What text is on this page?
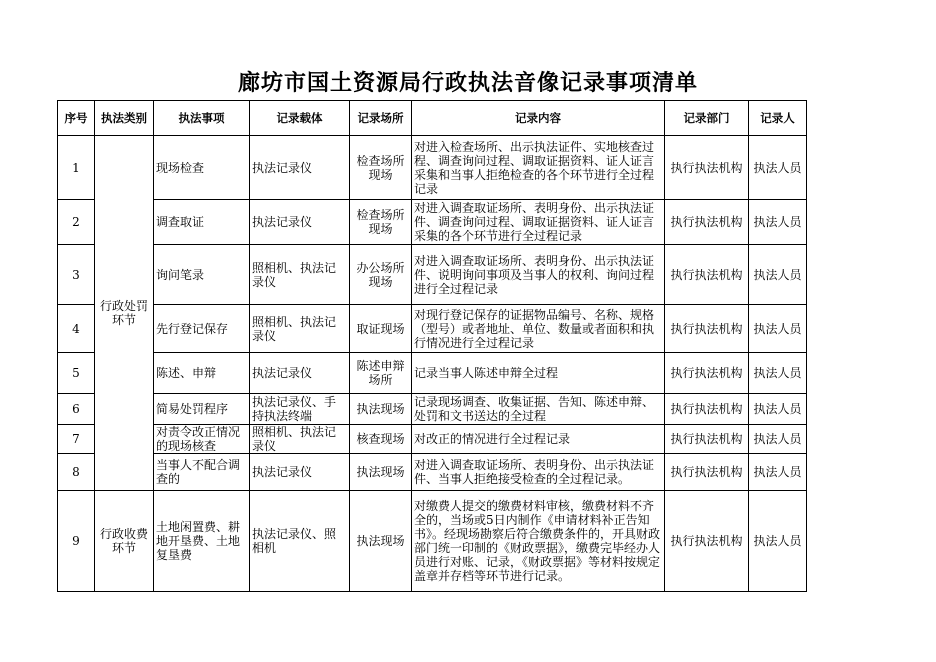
廊坊市国土资源局行政执法音像记录事项清单
序号	执法类别	执法事项	记录载体	记录场所	记录内容	记录部门	记录人
1	行政处罚环节	现场检查	执法记录仪	检查场所现场	对进入检查场所、出示执法证件、实地核查过程、调查询问过程、调取证据资料、证人证言采集和当事人拒绝检查的各个环节进行全过程记录	执行执法机构	执法人员
2		调查取证	执法记录仪	检查场所现场	对进入调查取证场所、表明身份、出示执法证件、调查询问过程、调取证据资料、证人证言采集的各个环节进行全过程记录	执行执法机构	执法人员
3		询问笔录	照相机、执法记录仪	办公场所现场	对进入调查取证场所、表明身份、出示执法证件、说明询问事项及当事人的权利、询问过程进行全过程记录	执行执法机构	执法人员
4		先行登记保存	照相机、执法记录仪	取证现场	对现行登记保存的证据物品编号、名称、规格（型号）或者地址、单位、数量或者面积和执行情况进行全过程记录	执行执法机构	执法人员
5		陈述、申辩	执法记录仪	陈述申辩场所	记录当事人陈述申辩全过程	执行执法机构	执法人员
6		简易处罚程序	执法记录仪、手持执法终端	执法现场	记录现场调查、收集证据、告知、陈述申辩、处罚和文书送达的全过程	执行执法机构	执法人员
7		对责令改正情况的现场核查	照相机、执法记录仪	核查现场	对改正的情况进行全过程记录	执行执法机构	执法人员
8		当事人不配合调查的	执法记录仪	执法现场	对进入调查取证场所、表明身份、出示执法证件、当事人拒绝接受检查的全过程记录。	执行执法机构	执法人员
9	行政收费环节	土地闲置费、耕地开垦费、土地复垦费	执法记录仪、照相机	执法现场	对缴费人提交的缴费材料审核，缴费材料不齐全的，当场或5日内制作《申请材料补正告知书》。经现场勘察后符合缴费条件的，开具财政部门统一印制的《财政票据》，缴费完毕经办人员进行对账、记录，《财政票据》等材料按规定盖章并存档等环节进行记录。	执行执法机构	执法人员
